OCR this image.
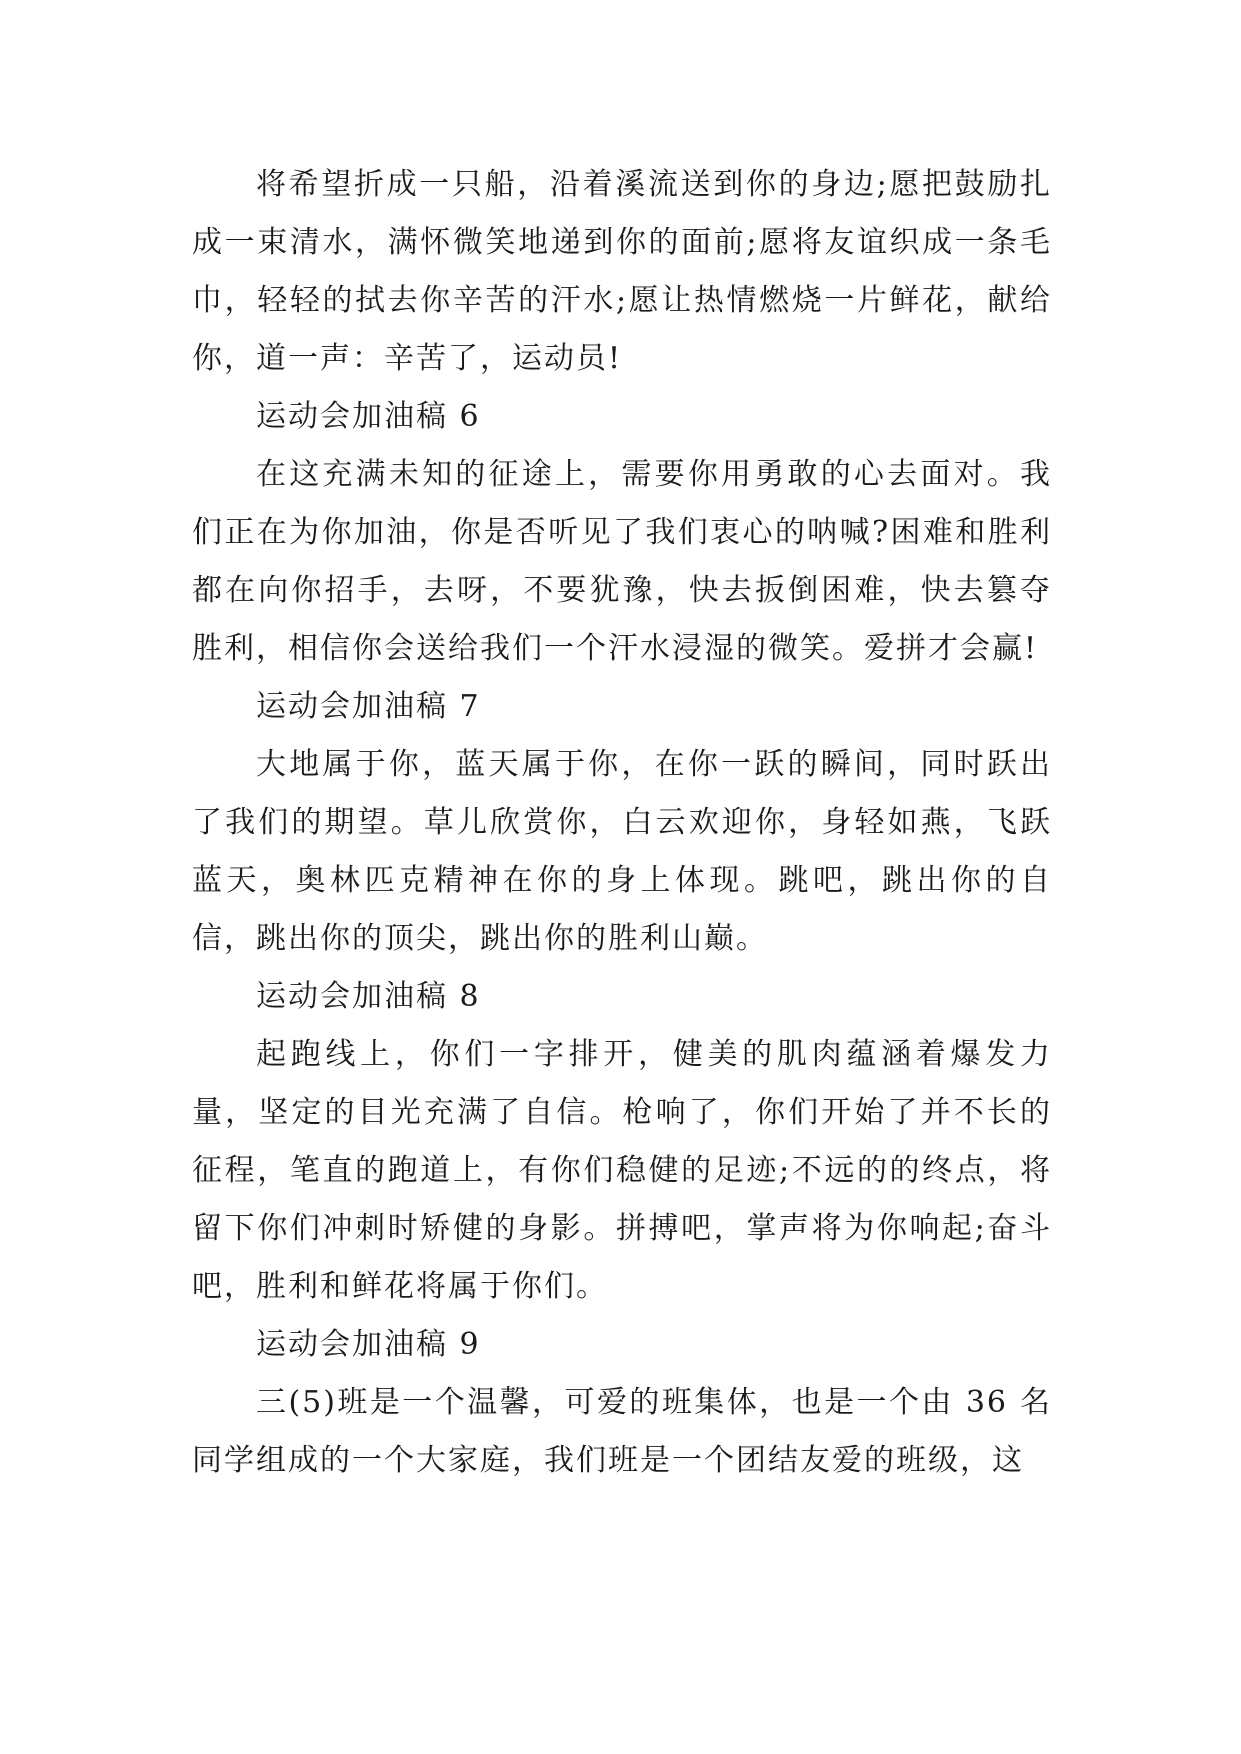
将希望折成一只船，沿着溪流送到你的身边;愿把鼓励扎成一束清水，满怀微笑地递到你的面前;愿将友谊织成一条毛巾，轻轻的拭去你辛苦的汗水;愿让热情燃烧一片鲜花，献给你，道一声：辛苦了，运动员!

运动会加油稿 6

在这充满未知的征途上，需要你用勇敢的心去面对。我们正在为你加油，你是否听见了我们衷心的呐喊?困难和胜利都在向你招手，去呀，不要犹豫，快去扳倒困难，快去篡夺胜利，相信你会送给我们一个汗水浸湿的微笑。爱拼才会赢!

运动会加油稿 7

大地属于你，蓝天属于你，在你一跃的瞬间，同时跃出了我们的期望。草儿欣赏你，白云欢迎你，身轻如燕，飞跃蓝天，奥林匹克精神在你的身上体现。跳吧，跳出你的自信，跳出你的顶尖，跳出你的胜利山巅。

运动会加油稿 8

起跑线上，你们一字排开，健美的肌肉蕴涵着爆发力量，坚定的目光充满了自信。枪响了，你们开始了并不长的征程，笔直的跑道上，有你们稳健的足迹;不远的的终点，将留下你们冲刺时矫健的身影。拼搏吧，掌声将为你响起;奋斗吧，胜利和鲜花将属于你们。

运动会加油稿 9

三(5)班是一个温馨，可爱的班集体，也是一个由 36 名同学组成的一个大家庭，我们班是一个团结友爱的班级，这
